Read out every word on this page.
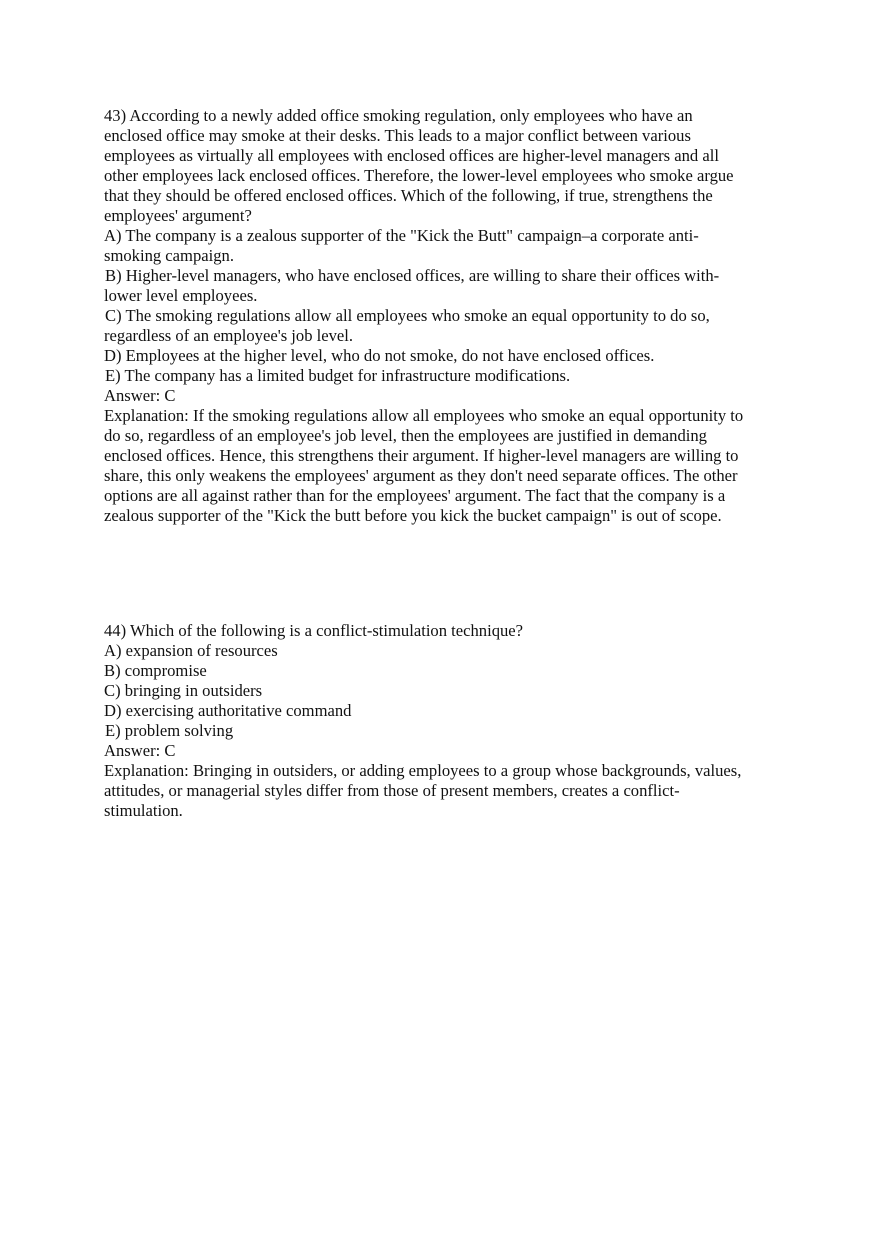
43) According to a newly added office smoking regulation, only employees who have an
enclosed office may smoke at their desks. This leads to a major conflict between various
employees as virtually all employees with enclosed offices are higher-level managers and all
other employees lack enclosed offices. Therefore, the lower-level employees who smoke argue
that they should be offered enclosed offices. Which of the following, if true, strengthens the
employees' argument?
A) The company is a zealous supporter of the "Kick the Butt" campaign–a corporate anti-
smoking campaign.
B) Higher-level managers, who have enclosed offices, are willing to share their offices with-
lower level employees.
C) The smoking regulations allow all employees who smoke an equal opportunity to do so,
regardless of an employee's job level.
D) Employees at the higher level, who do not smoke, do not have enclosed offices.
E) The company has a limited budget for infrastructure modifications.
Answer: C
Explanation: If the smoking regulations allow all employees who smoke an equal opportunity to
do so, regardless of an employee's job level, then the employees are justified in demanding
enclosed offices. Hence, this strengthens their argument. If higher-level managers are willing to
share, this only weakens the employees' argument as they don't need separate offices. The other
options are all against rather than for the employees' argument. The fact that the company is a
zealous supporter of the "Kick the butt before you kick the bucket campaign" is out of scope.
44) Which of the following is a conflict-stimulation technique?
A) expansion of resources
B) compromise
C) bringing in outsiders
D) exercising authoritative command
E) problem solving
Answer: C
Explanation: Bringing in outsiders, or adding employees to a group whose backgrounds, values,
attitudes, or managerial styles differ from those of present members, creates a conflict-
stimulation.
